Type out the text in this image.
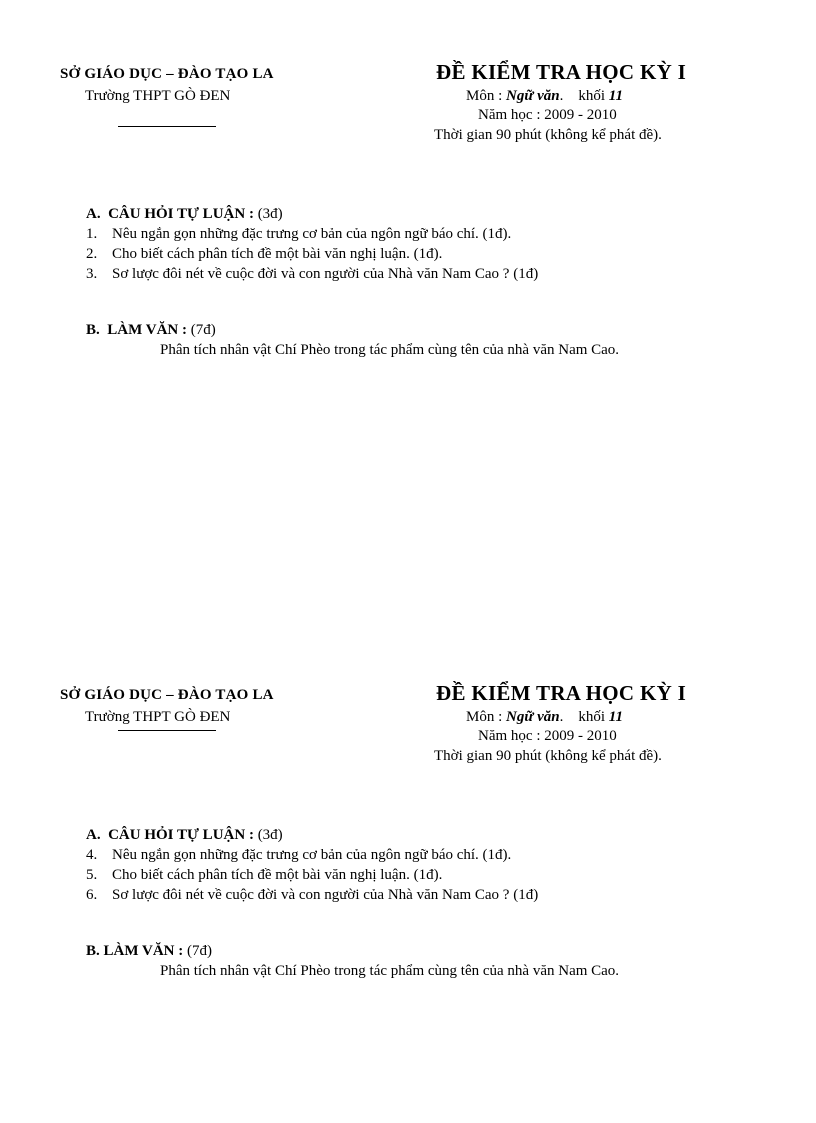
SỞ GIÁO DỤC – ĐÀO TẠO LA
Trường THPT GÒ ĐEN
ĐỀ KIỂM TRA HỌC KỲ I
Môn : Ngữ văn.    khối 11
Năm học : 2009 - 2010
Thời gian 90 phút (không kể phát đề).
A. CÂU HỎI TỰ LUẬN : (3đ)
1. Nêu ngắn gọn những đặc trưng cơ bản của ngôn ngữ báo chí. (1đ).
2. Cho biết cách phân tích đề một bài văn nghị luận. (1đ).
3. Sơ lược đôi nét về cuộc đời và con người của Nhà văn Nam Cao ? (1đ)
B. LÀM VĂN : (7đ)
Phân tích nhân vật Chí Phèo trong tác phẩm cùng tên của nhà văn Nam Cao.
SỞ GIÁO DỤC – ĐÀO TẠO LA
Trường THPT GÒ ĐEN
ĐỀ KIỂM TRA HỌC KỲ I
Môn : Ngữ văn.    khối 11
Năm học : 2009 - 2010
Thời gian 90 phút (không kể phát đề).
A. CÂU HỎI TỰ LUẬN : (3đ)
4. Nêu ngắn gọn những đặc trưng cơ bản của ngôn ngữ báo chí. (1đ).
5. Cho biết cách phân tích đề một bài văn nghị luận. (1đ).
6. Sơ lược đôi nét về cuộc đời và con người của Nhà văn Nam Cao ? (1đ)
B. LÀM VĂN : (7đ)
Phân tích nhân vật Chí Phèo trong tác phẩm cùng tên của nhà văn Nam Cao.
